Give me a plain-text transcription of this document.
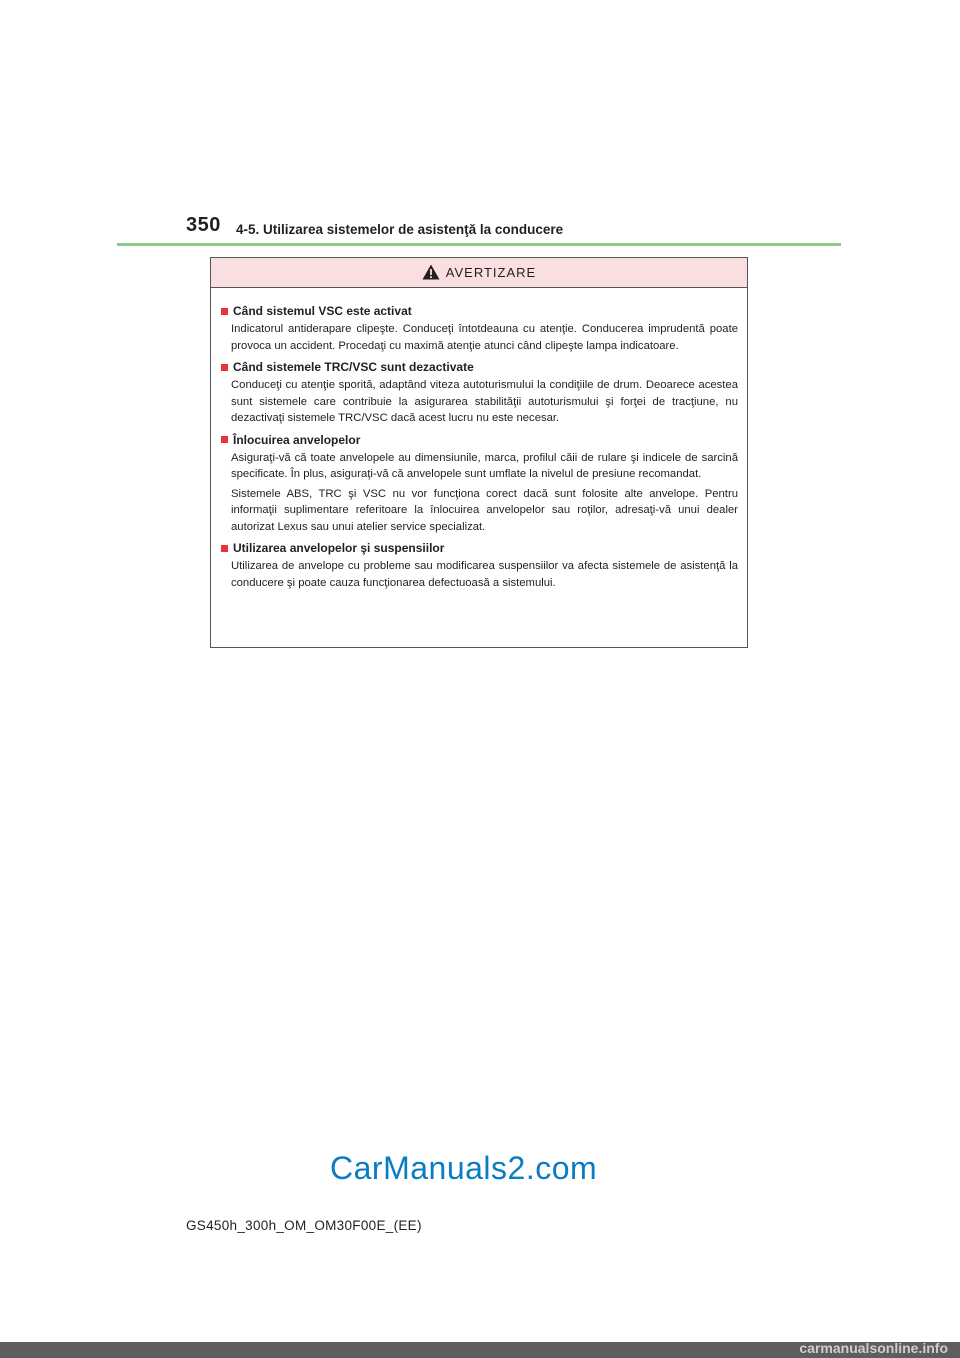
350 4-5. Utilizarea sistemelor de asistenţă la conducere
AVERTIZARE
Când sistemul VSC este activat
Indicatorul antiderapare clipeşte. Conduceţi întotdeauna cu atenţie. Conducerea imprudentă poate provoca un accident. Procedaţi cu maximă atenţie atunci când clipeşte lampa indicatoare.
Când sistemele TRC/VSC sunt dezactivate
Conduceţi cu atenţie sporită, adaptând viteza autoturismului la condiţiile de drum. Deoarece acestea sunt sistemele care contribuie la asigurarea stabilităţii autoturismului şi forţei de tracţiune, nu dezactivaţi sistemele TRC/VSC dacă acest lucru nu este necesar.
Înlocuirea anvelopelor
Asiguraţi-vă că toate anvelopele au dimensiunile, marca, profilul căii de rulare şi indicele de sarcină specificate. În plus, asiguraţi-vă că anvelopele sunt umflate la nivelul de presiune recomandat.
Sistemele ABS, TRC şi VSC nu vor funcţiona corect dacă sunt folosite alte anvelope. Pentru informaţii suplimentare referitoare la înlocuirea anvelopelor sau roţilor, adresaţi-vă unui dealer autorizat Lexus sau unui atelier service specializat.
Utilizarea anvelopelor şi suspensiilor
Utilizarea de anvelope cu probleme sau modificarea suspensiilor va afecta sistemele de asistenţă la conducere şi poate cauza funcţionarea defectuoasă a sistemului.
CarManuals2.com
GS450h_300h_OM_OM30F00E_(EE)
carmanualsonline.info
